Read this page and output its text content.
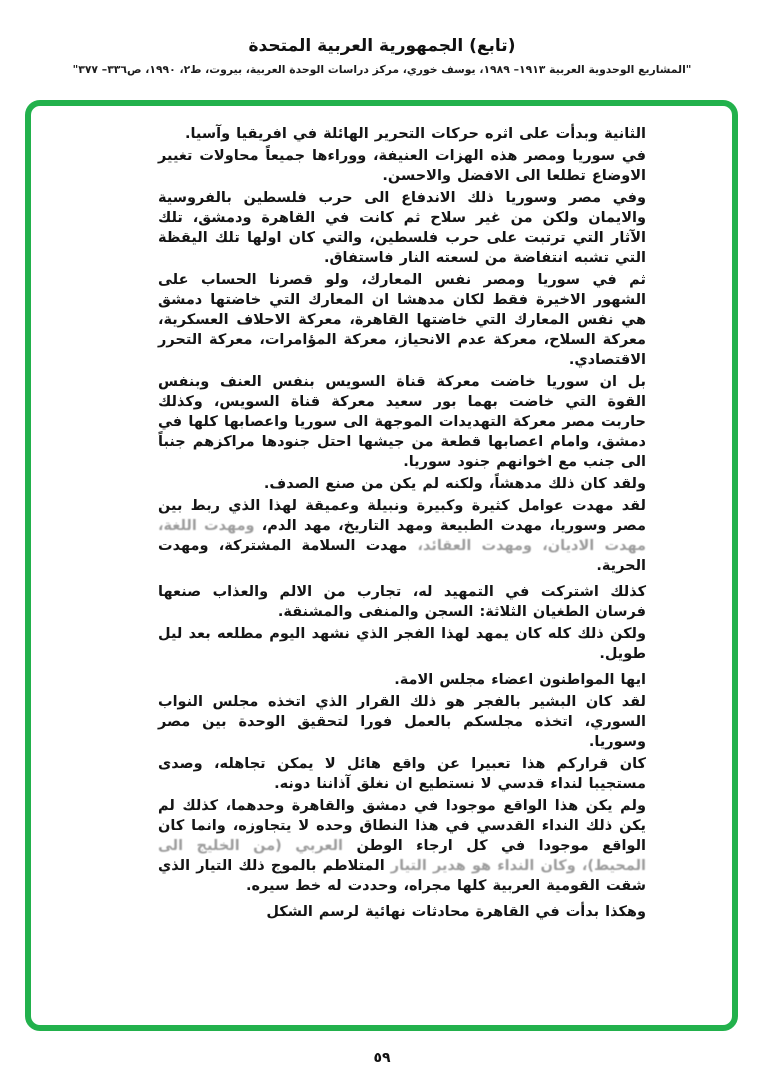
(تابع) الجمهورية العربية المتحدة
"المشاريع الوحدوية العربية ١٩١٣– ١٩٨٩، يوسف خوري، مركز دراسات الوحدة العربية، بيروت، ط٢، ١٩٩٠، ص٣٣٦– ٣٧٧"

الثانية وبدأت على اثره حركات التحرير الهائلة في افريقيا وآسيا.

في سوريا ومصر هذه الهزات العنيفة، ووراءها جميعاً محاولات تغيير الاوضاع تطلعا الى الافضل والاحسن.

وفي مصر وسوريا ذلك الاندفاع الى حرب فلسطين بالفروسية والايمان ولكن من غير سلاح ثم كانت في القاهرة ودمشق، تلك الآثار التي ترتبت على حرب فلسطين، والتي كان اولها تلك اليقظة التي تشبه انتفاضة من لسعته النار فاستفاق.

ثم في سوريا ومصر نفس المعارك، ولو قصرنا الحساب على الشهور الاخيرة فقط لكان مدهشا ان المعارك التي خاضتها دمشق هي نفس المعارك التي خاضتها القاهرة، معركة الاحلاف العسكرية، معركة السلاح، معركة عدم الانحياز، معركة المؤامرات، معركة التحرر الاقتصادي.

بل ان سوريا خاضت معركة قناة السويس بنفس العنف وبنفس القوة التي خاضت بهما بور سعيد معركة قناة السويس، وكذلك حاربت مصر معركة التهديدات الموجهة الى سوريا واعصابها كلها في دمشق، وامام اعصابها قطعة من جيشها احتل جنودها مراكزهم جنباً الى جنب مع اخوانهم جنود سوريا.

ولقد كان ذلك مدهشاً، ولكنه لم يكن من صنع الصدف.

لقد مهدت عوامل كثيرة وكبيرة ونبيلة وعميقة لهذا الذي ربط بين مصر وسوريا، مهدت الطبيعة ومهد التاريخ، مهد الدم، ومهدت اللغة، مهدت الاديان، ومهدت العقائد، مهدت السلامة المشتركة، ومهدت الحرية.

كذلك اشتركت في التمهيد له، تجارب من الالم والعذاب صنعها فرسان الطغيان الثلاثة: السجن والمنفى والمشنقة.

ولكن ذلك كله كان يمهد لهذا الفجر الذي نشهد اليوم مطلعه بعد ليل طويل.

ايها المواطنون اعضاء مجلس الامة.

لقد كان البشير بالفجر هو ذلك القرار الذي اتخذه مجلس النواب السوري، اتخذه مجلسكم بالعمل فورا لتحقيق الوحدة بين مصر وسوريا.

كان قراركم هذا تعبيرا عن واقع هائل لا يمكن تجاهله، وصدى مستجيبا لنداء قدسي لا نستطيع ان نغلق آذاننا دونه.

ولم يكن هذا الواقع موجودا في دمشق والقاهرة وحدهما، كذلك لم يكن ذلك النداء القدسي في هذا النطاق وحده لا يتجاوزه، وانما كان الواقع موجودا في كل ارجاء الوطن العربي (من الخليج الى المحيط)، وكان النداء هو هدير التيار المتلاطم بالموج ذلك التيار الذي شقت القومية العربية كلها مجراه، وحددت له خط سيره.

وهكذا بدأت في القاهرة محادثات نهائية لرسم الشكل

٥٩
